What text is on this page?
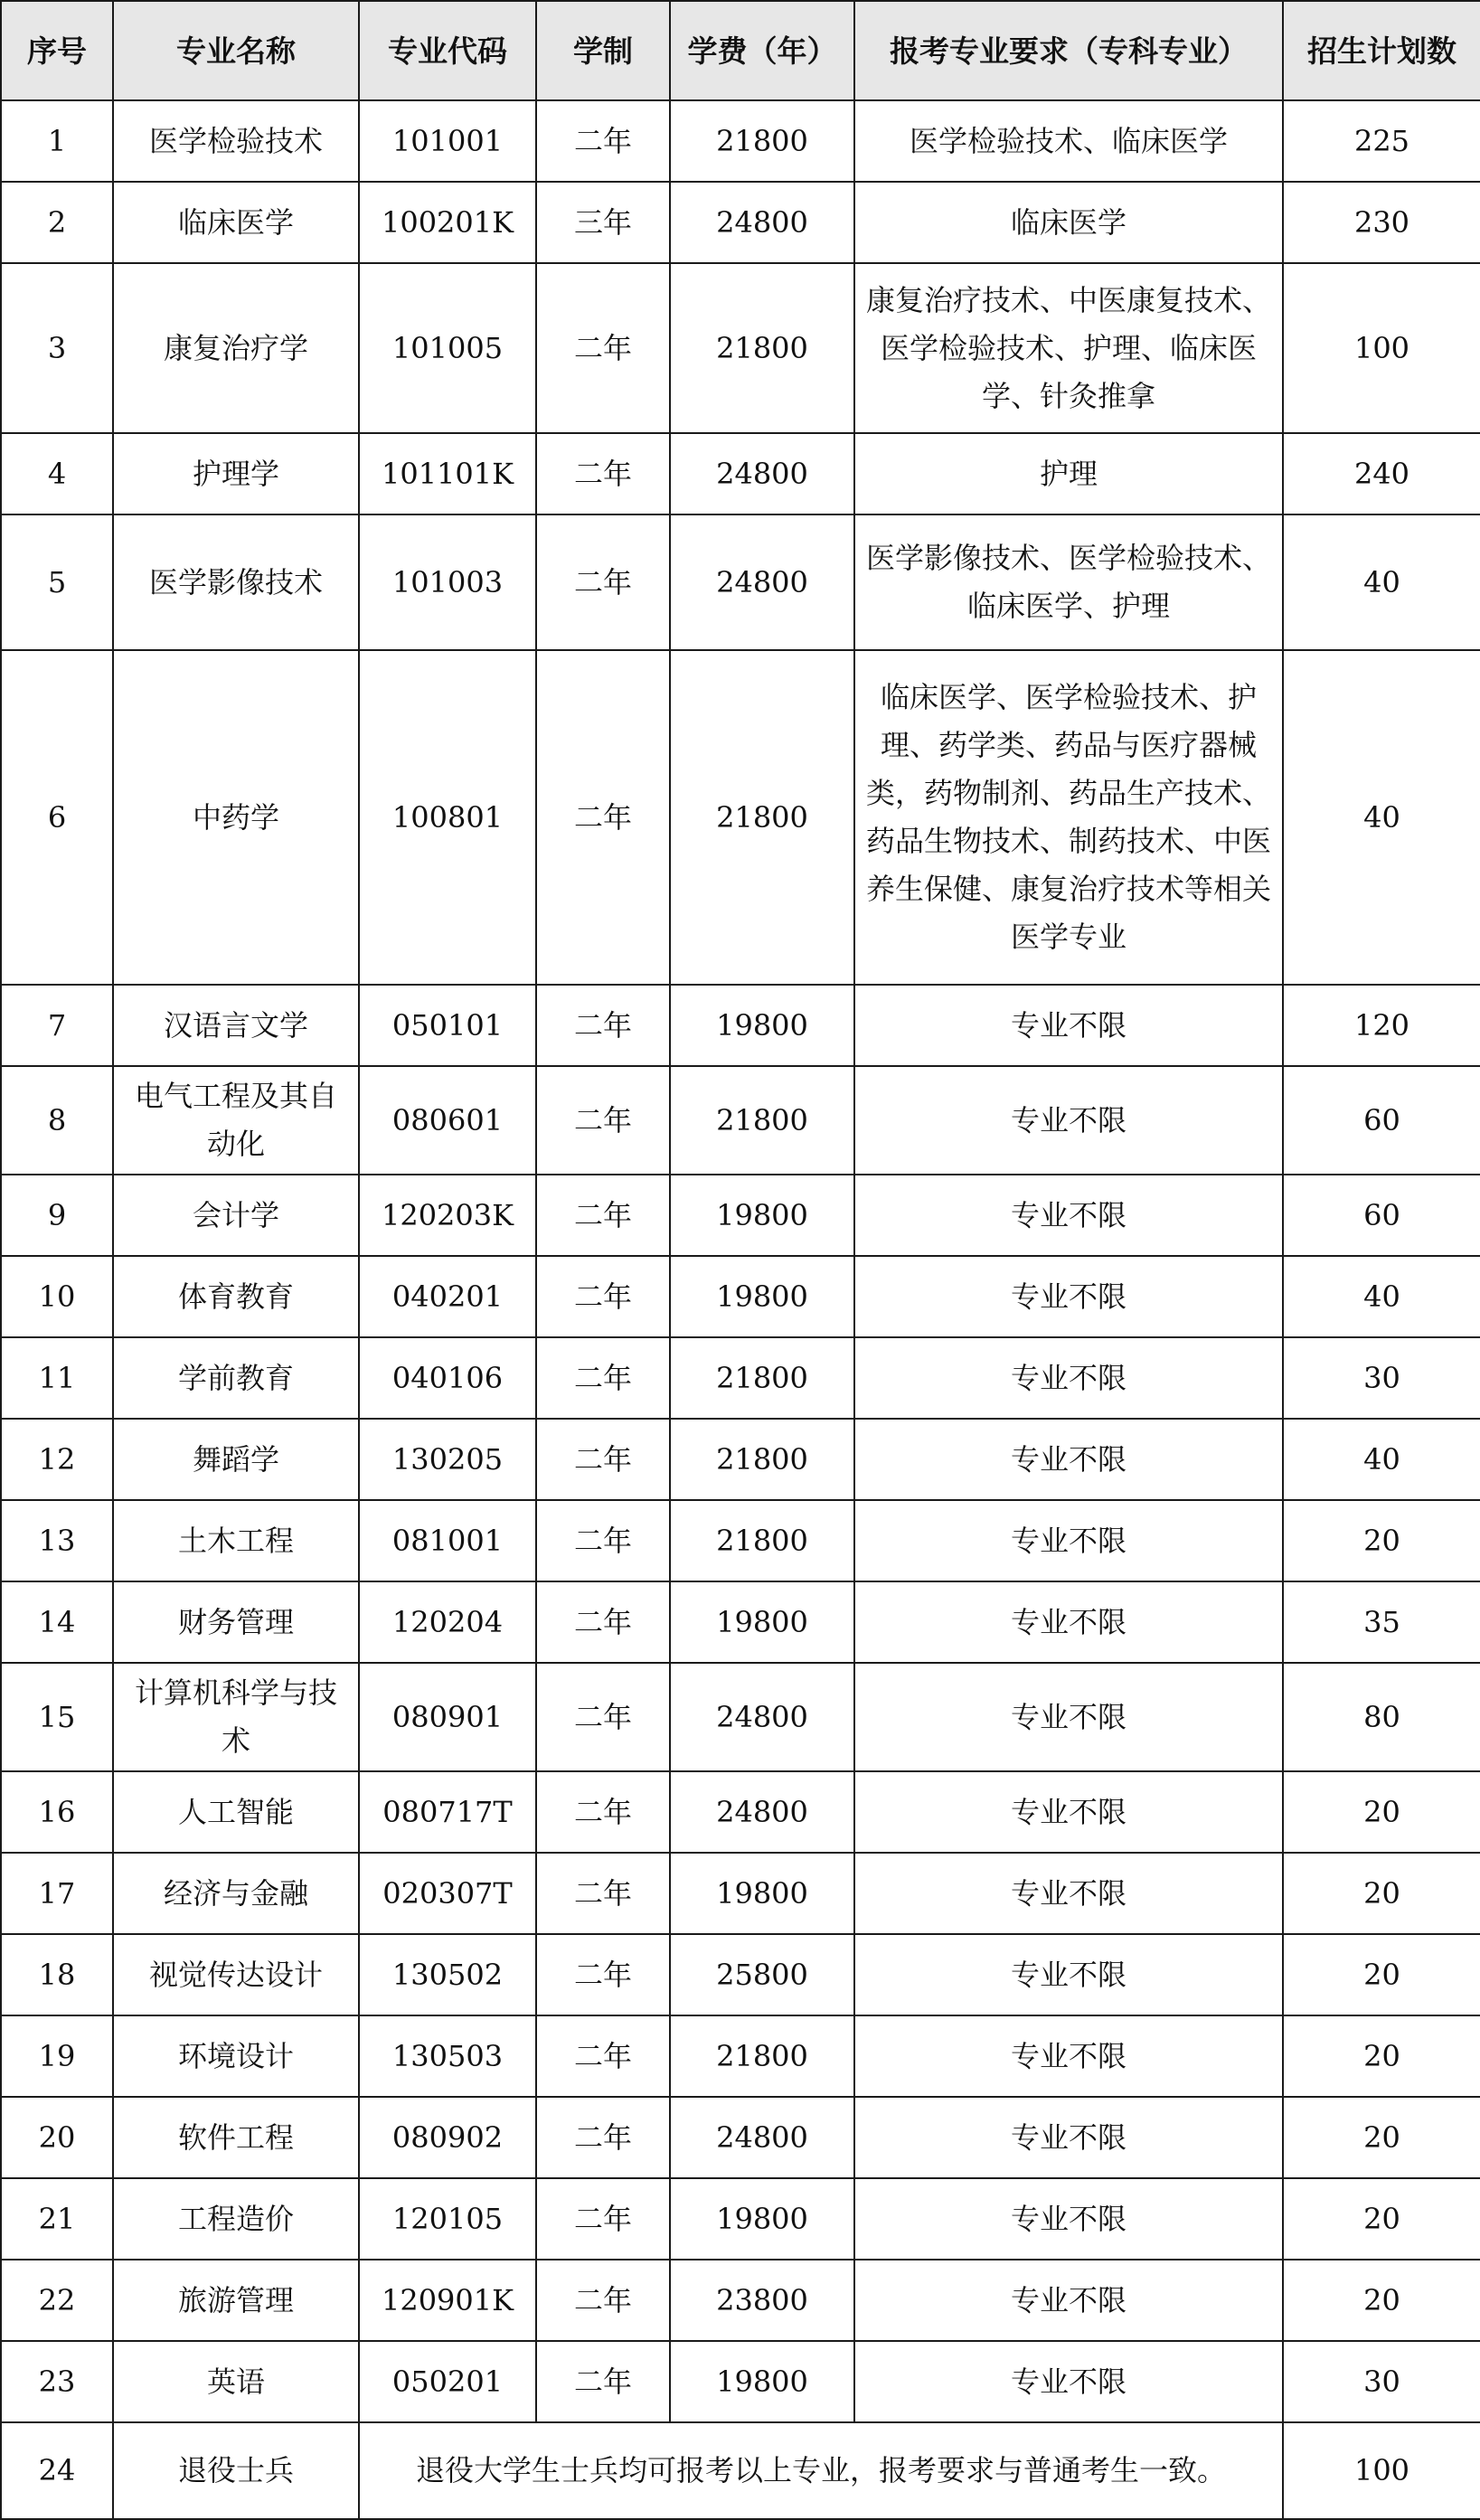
序号	专业名称	专业代码	学制	学费（年）	报考专业要求（专科专业）	招生计划数
1	医学检验技术	101001	二年	21800	医学检验技术、临床医学	225
2	临床医学	100201K	三年	24800	临床医学	230
3	康复治疗学	101005	二年	21800	康复治疗技术、中医康复技术、医学检验技术、护理、临床医学、针灸推拿	100
4	护理学	101101K	二年	24800	护理	240
5	医学影像技术	101003	二年	24800	医学影像技术、医学检验技术、临床医学、护理	40
6	中药学	100801	二年	21800	临床医学、医学检验技术、护理、药学类、药品与医疗器械类，药物制剂、药品生产技术、药品生物技术、制药技术、中医养生保健、康复治疗技术等相关医学专业	40
7	汉语言文学	050101	二年	19800	专业不限	120
8	电气工程及其自动化	080601	二年	21800	专业不限	60
9	会计学	120203K	二年	19800	专业不限	60
10	体育教育	040201	二年	19800	专业不限	40
11	学前教育	040106	二年	21800	专业不限	30
12	舞蹈学	130205	二年	21800	专业不限	40
13	土木工程	081001	二年	21800	专业不限	20
14	财务管理	120204	二年	19800	专业不限	35
15	计算机科学与技术	080901	二年	24800	专业不限	80
16	人工智能	080717T	二年	24800	专业不限	20
17	经济与金融	020307T	二年	19800	专业不限	20
18	视觉传达设计	130502	二年	25800	专业不限	20
19	环境设计	130503	二年	21800	专业不限	20
20	软件工程	080902	二年	24800	专业不限	20
21	工程造价	120105	二年	19800	专业不限	20
22	旅游管理	120901K	二年	23800	专业不限	20
23	英语	050201	二年	19800	专业不限	30
24	退役士兵	退役大学生士兵均可报考以上专业，报考要求与普通考生一致。				100
